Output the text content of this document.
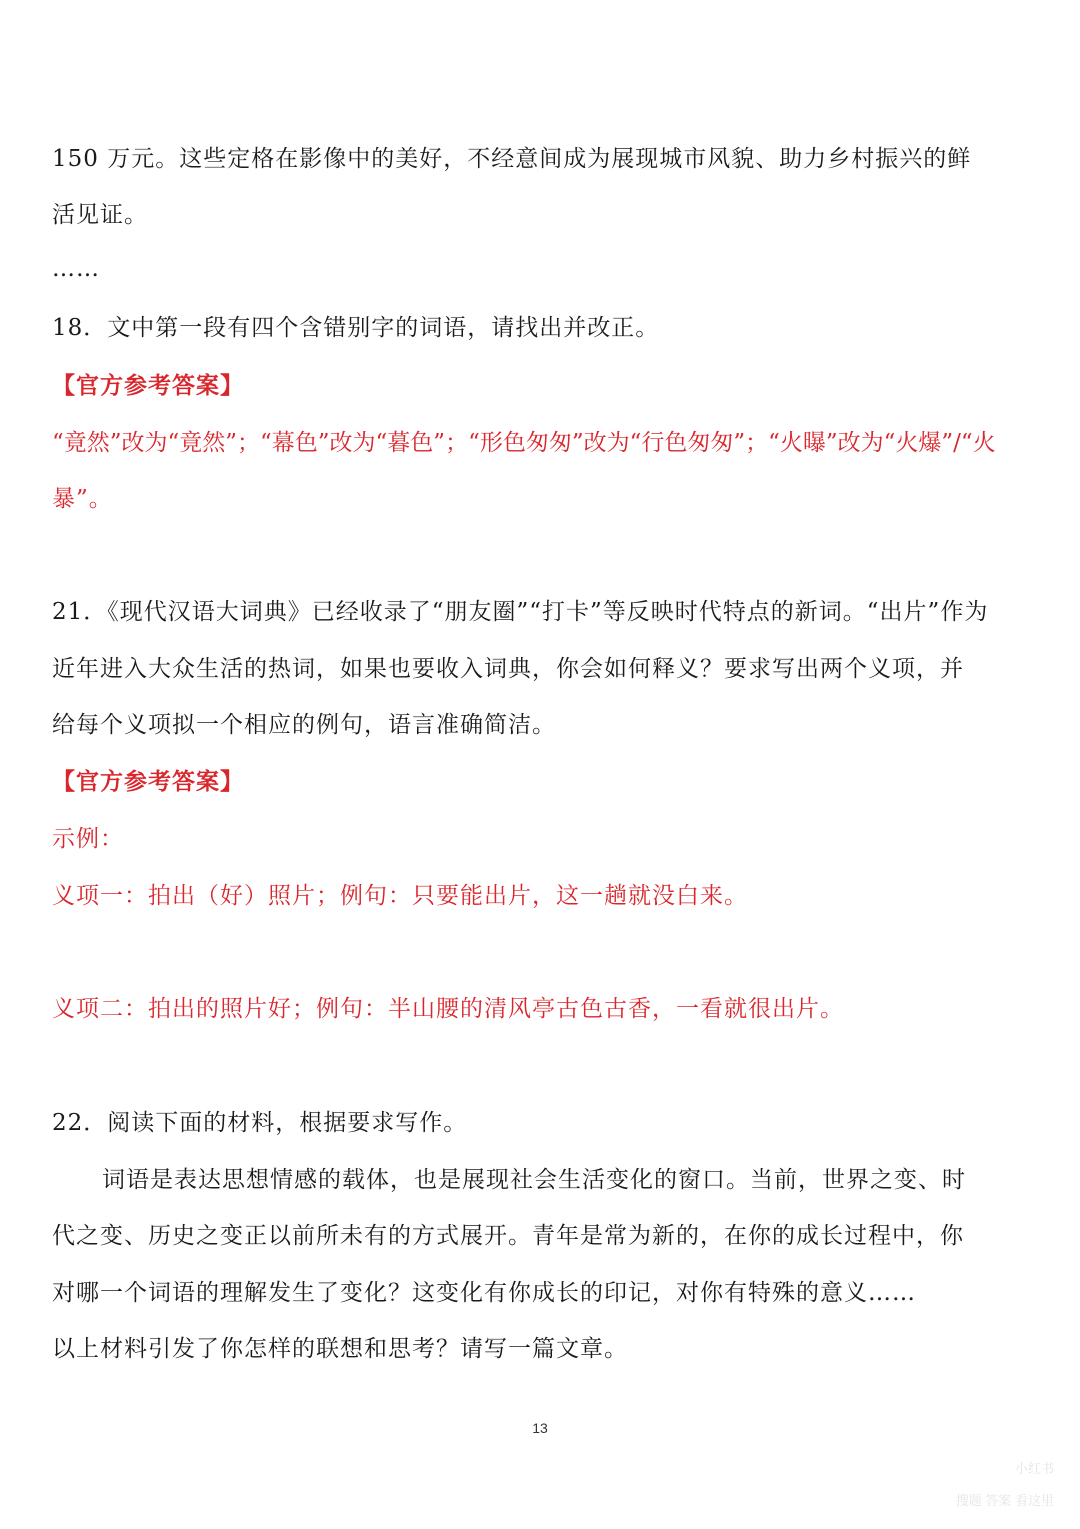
150 万元。这些定格在影像中的美好，不经意间成为展现城市风貌、助力乡村振兴的鲜
活见证。
……
18．文中第一段有四个含错别字的词语，请找出并改正。
【官方参考答案】
“竟然”改为“竟然”；“幕色”改为“暮色”；“形色匆匆”改为“行色匆匆”；“火曝”改为“火爆”/“火
暴”。
21．《现代汉语大词典》已经收录了“朋友圈”“打卡”等反映时代特点的新词。“出片”作为
近年进入大众生活的热词，如果也要收入词典，你会如何释义？要求写出两个义项，并
给每个义项拟一个相应的例句，语言准确简洁。
【官方参考答案】
示例：
义项一：拍出（好）照片；例句：只要能出片，这一趟就没白来。
义项二：拍出的照片好；例句：半山腰的清风亭古色古香，一看就很出片。
22．阅读下面的材料，根据要求写作。
词语是表达思想情感的载体，也是展现社会生活变化的窗口。当前，世界之变、时
代之变、历史之变正以前所未有的方式展开。青年是常为新的，在你的成长过程中，你
对哪一个词语的理解发生了变化？这变化有你成长的印记，对你有特殊的意义……
以上材料引发了你怎样的联想和思考？请写一篇文章。
13
小红书
搜题 答案 看这里
